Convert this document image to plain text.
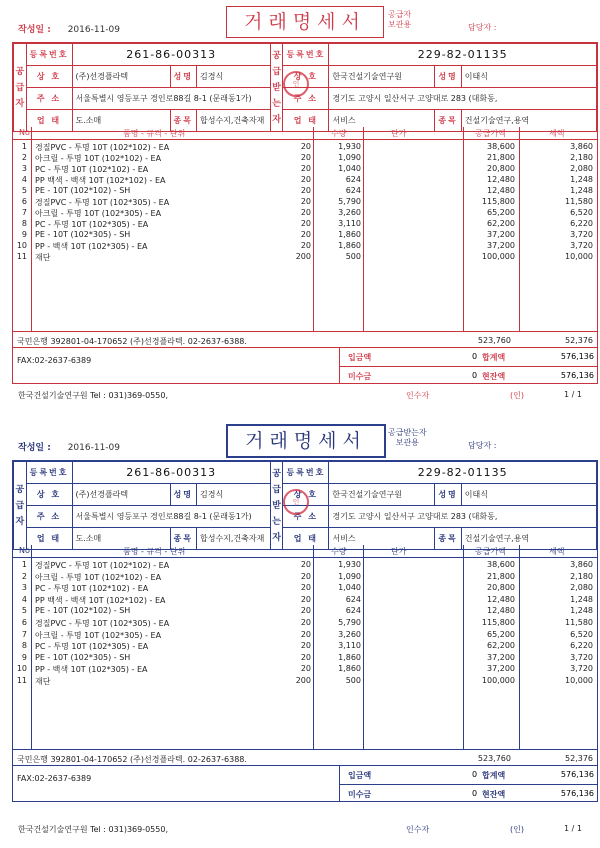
작성일 : 2016-11-09	거래명세서	공급자
보관용	담당자 :
공급자	등록번호	261-86-00313			공급받는자	등록번호	229-82-01135		
	상 호	(주)선경플라텍	성명	김경식		상 호	한국건설기술연구원	성명	이태식
	주 소	서울특별시 영등포구 경인로88길 8-1 (문래동1가)				주 소	경기도 고양시 일산서구 고양대로 283 (대화동,		
	업 태	도.소매	종목	합성수지,건축자재		업 태	서비스	종목	건설기술연구,용역
인
No	품명 - 규격 - 단위	수량	단가	공급가액	세액
1 경질PVC - 투명 10T (102*102) - EA	20	1,930	38,600	3,860
2 아크릴 - 투명 10T (102*102) - EA	20	1,090	21,800	2,180
3 PC - 투명 10T (102*102) - EA	20	1,040	20,800	2,080
4 PP 백색 - 백색 10T (102*102) - EA	20	624	12,480	1,248
5 PE - 10T (102*102) - SH	20	624	12,480	1,248
6 경질PVC - 투명 10T (102*305) - EA	20	5,790	115,800	11,580
7 아크릴 - 투명 10T (102*305) - EA	20	3,260	65,200	6,520
8 PC - 투명 10T (102*305) - EA	20	3,110	62,200	6,220
9 PE - 10T (102*305) - SH	20	1,860	37,200	3,720
10 PP - 백색 10T (102*305) - EA	20	1,860	37,200	3,720
11 재단	200	500	100,000	10,000
국민은행 392801-04-170652 (주)선경플라텍. 02-2637-6388.	523,760	52,376
FAX:02-2637-6389	입금액	0 합계액	576,136
미수금	0 현잔액	576,136
한국건설기술연구원 Tel : 031)369-0550,	인수자	(인)	1 / 1
작성일 : 2016-11-09	거래명세서	공급받는자
보관용	담당자 :
공급자	등록번호	261-86-00313			공급받는자	등록번호	229-82-01135		
	상 호	(주)선경플라텍	성명	김경식		상 호	한국건설기술연구원	성명	이태식
	주 소	서울특별시 영등포구 경인로88길 8-1 (문래동1가)				주 소	경기도 고양시 일산서구 고양대로 283 (대화동,		
	업 태	도.소매	종목	합성수지,건축자재		업 태	서비스	종목	건설기술연구,용역
인
No	품명 - 규격 - 단위	수량	단가	공급가액	세액
1 경질PVC - 투명 10T (102*102) - EA	20	1,930	38,600	3,860
2 아크릴 - 투명 10T (102*102) - EA	20	1,090	21,800	2,180
3 PC - 투명 10T (102*102) - EA	20	1,040	20,800	2,080
4 PP 백색 - 백색 10T (102*102) - EA	20	624	12,480	1,248
5 PE - 10T (102*102) - SH	20	624	12,480	1,248
6 경질PVC - 투명 10T (102*305) - EA	20	5,790	115,800	11,580
7 아크릴 - 투명 10T (102*305) - EA	20	3,260	65,200	6,520
8 PC - 투명 10T (102*305) - EA	20	3,110	62,200	6,220
9 PE - 10T (102*305) - SH	20	1,860	37,200	3,720
10 PP - 백색 10T (102*305) - EA	20	1,860	37,200	3,720
11 재단	200	500	100,000	10,000
국민은행 392801-04-170652 (주)선경플라텍. 02-2637-6388.	523,760	52,376
FAX:02-2637-6389	입금액	0 합계액	576,136
미수금	0 현잔액	576,136
한국건설기술연구원 Tel : 031)369-0550,	인수자	(인)	1 / 1
